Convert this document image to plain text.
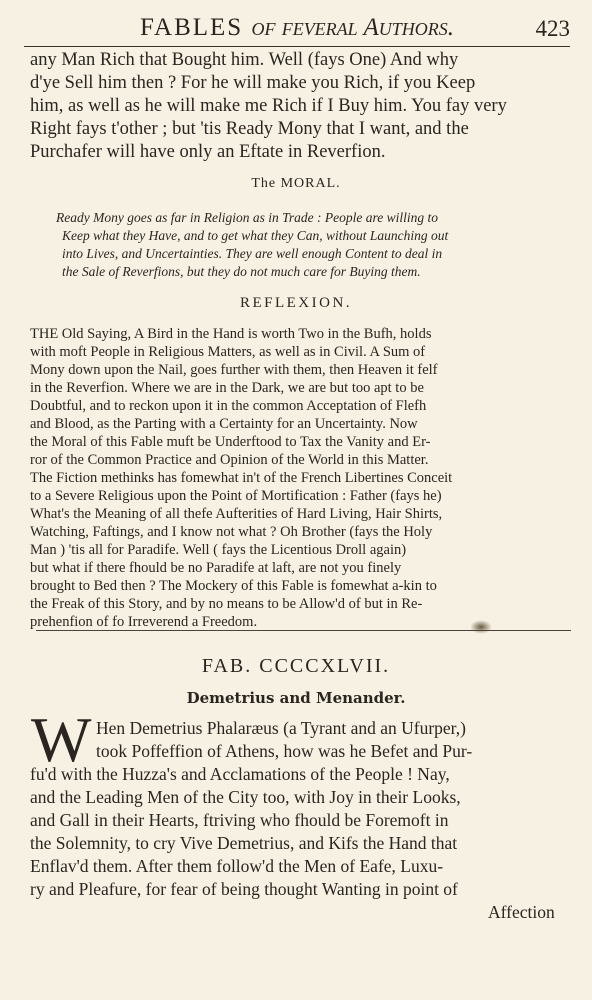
FABLES of feveral Authors.	423
any Man Rich that Bought him. Well (fays One) And why
d'ye Sell him then ? For he will make you Rich, if you Keep
him, as well as he will make me Rich if I Buy him. You fay very
Right fays t'other ; but 'tis Ready Mony that I want, and the
Purchafer will have only an Eftate in Reverfion.
The MORAL.
Ready Mony goes as far in Religion as in Trade : People are willing to
Keep what they Have, and to get what they Can, without Launching out
into Lives, and Uncertainties. They are well enough Content to deal in
the Sale of Reverfions, but they do not much care for Buying them.
REFLEXION.
THE Old Saying, A Bird in the Hand is worth Two in the Bufh, holds
with moft People in Religious Matters, as well as in Civil. A Sum of
Mony down upon the Nail, goes further with them, then Heaven it felf
in the Reverfion. Where we are in the Dark, we are but too apt to be
Doubtful, and to reckon upon it in the common Acceptation of Flefh
and Blood, as the Parting with a Certainty for an Uncertainty. Now
the Moral of this Fable muft be Underftood to Tax the Vanity and Er-
ror of the Common Practice and Opinion of the World in this Matter.
The Fiction methinks has fomewhat in't of the French Libertines Conceit
to a Severe Religious upon the Point of Mortification : Father (fays he)
What's the Meaning of all thefe Aufterities of Hard Living, Hair Shirts,
Watching, Faftings, and I know not what ? Oh Brother (fays the Holy
Man ) 'tis all for Paradife. Well ( fays the Licentious Droll again)
but what if there fhould be no Paradife at laft, are not you finely
brought to Bed then ? The Mockery of this Fable is fomewhat a-kin to
the Freak of this Story, and by no means to be Allow'd of but in Re-
prehenfion of fo Irreverend a Freedom.
FAB. CCCCXLVII.
Demetrius and Menander.
W Hen Demetrius Phalaræus (a Tyrant and an Ufurper,)
took Poffeffion of Athens, how was he Befet and Pur-
fu'd with the Huzza's and Acclamations of the People ! Nay,
and the Leading Men of the City too, with Joy in their Looks,
and Gall in their Hearts, ftriving who fhould be Foremoft in
the Solemnity, to cry Vive Demetrius, and Kifs the Hand that
Enflav'd them. After them follow'd the Men of Eafe, Luxu-
ry and Pleafure, for fear of being thought Wanting in point of
Affection
